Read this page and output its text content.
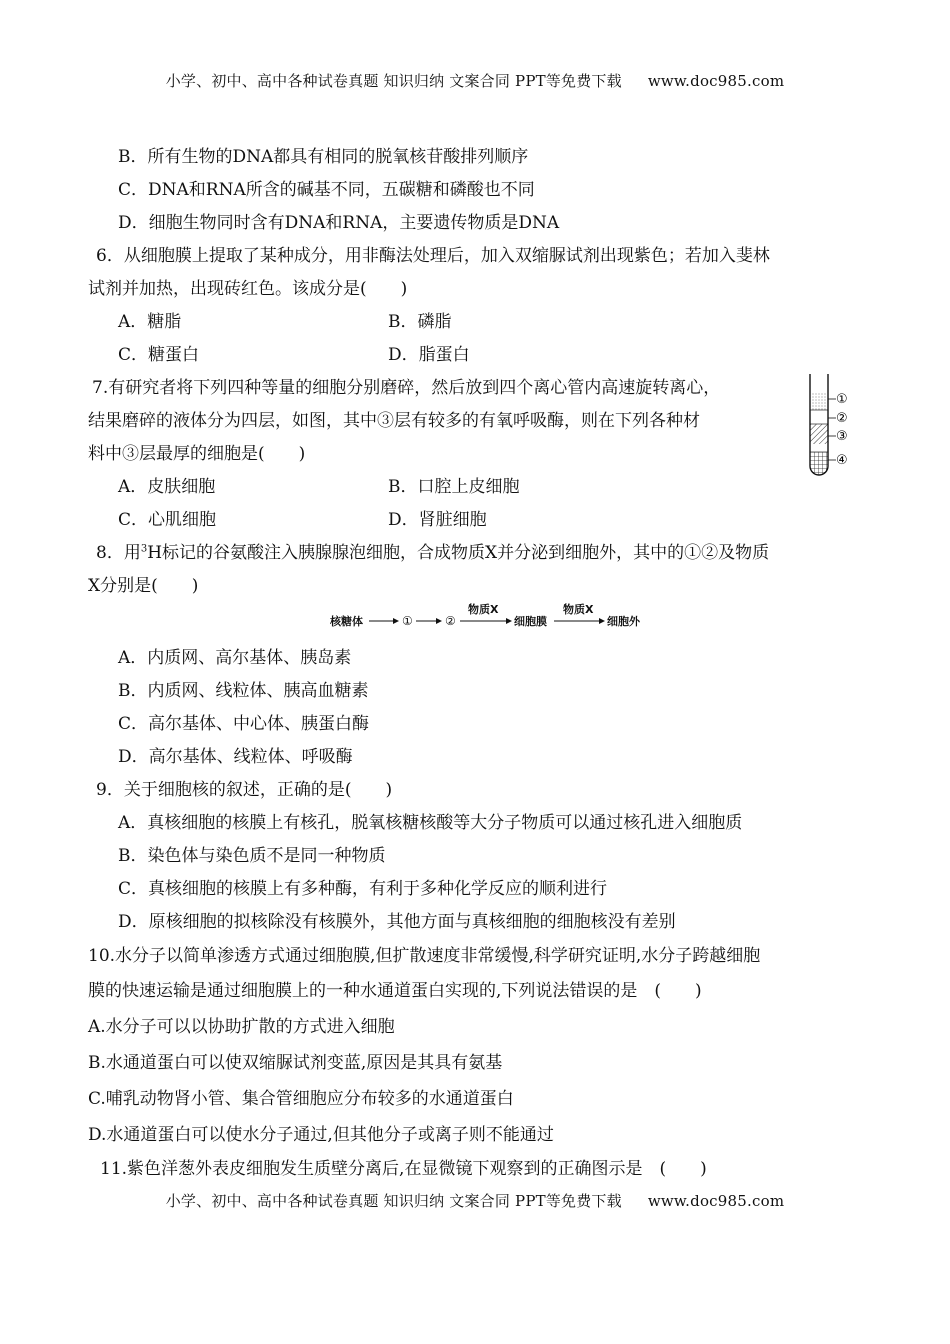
小学、初中、高中各种试卷真题 知识归纳 文案合同 PPT等免费下载 www.doc985.com
B．所有生物的DNA都具有相同的脱氧核苷酸排列顺序
C．DNA和RNA所含的碱基不同，五碳糖和磷酸也不同
D．细胞生物同时含有DNA和RNA，主要遗传物质是DNA
6．从细胞膜上提取了某种成分，用非酶法处理后，加入双缩脲试剂出现紫色；若加入斐林
试剂并加热，出现砖红色。该成分是(　　)
A．糖脂	B．磷脂
C．糖蛋白	D．脂蛋白
7.有研究者将下列四种等量的细胞分别磨碎，然后放到四个离心管内高速旋转离心，
结果磨碎的液体分为四层，如图，其中③层有较多的有氧呼吸酶，则在下列各种材
料中③层最厚的细胞是(　　)
A．皮肤细胞	B．口腔上皮细胞
C．心肌细胞	D．肾脏细胞
①
②
③
④
8．用$^3$H标记的谷氨酸注入胰腺腺泡细胞，合成物质X并分泌到细胞外，其中的①②及物质
X分别是(　　)
核糖体	①	②
物质X
细胞膜
物质X
细胞外
A．内质网、高尔基体、胰岛素
B．内质网、线粒体、胰高血糖素
C．高尔基体、中心体、胰蛋白酶
D．高尔基体、线粒体、呼吸酶
9．关于细胞核的叙述，正确的是(　　)
A．真核细胞的核膜上有核孔，脱氧核糖核酸等大分子物质可以通过核孔进入细胞质
B．染色体与染色质不是同一种物质
C．真核细胞的核膜上有多种酶，有利于多种化学反应的顺利进行
D．原核细胞的拟核除没有核膜外，其他方面与真核细胞的细胞核没有差别
10.水分子以简单渗透方式通过细胞膜,但扩散速度非常缓慢,科学研究证明,水分子跨越细胞
膜的快速运输是通过细胞膜上的一种水通道蛋白实现的,下列说法错误的是　(　　)
A.水分子可以以协助扩散的方式进入细胞
B.水通道蛋白可以使双缩脲试剂变蓝,原因是其具有氨基
C.哺乳动物肾小管、集合管细胞应分布较多的水通道蛋白
D.水通道蛋白可以使水分子通过,但其他分子或离子则不能通过
11.紫色洋葱外表皮细胞发生质壁分离后,在显微镜下观察到的正确图示是　(　　)
小学、初中、高中各种试卷真题 知识归纳 文案合同 PPT等免费下载 www.doc985.com
